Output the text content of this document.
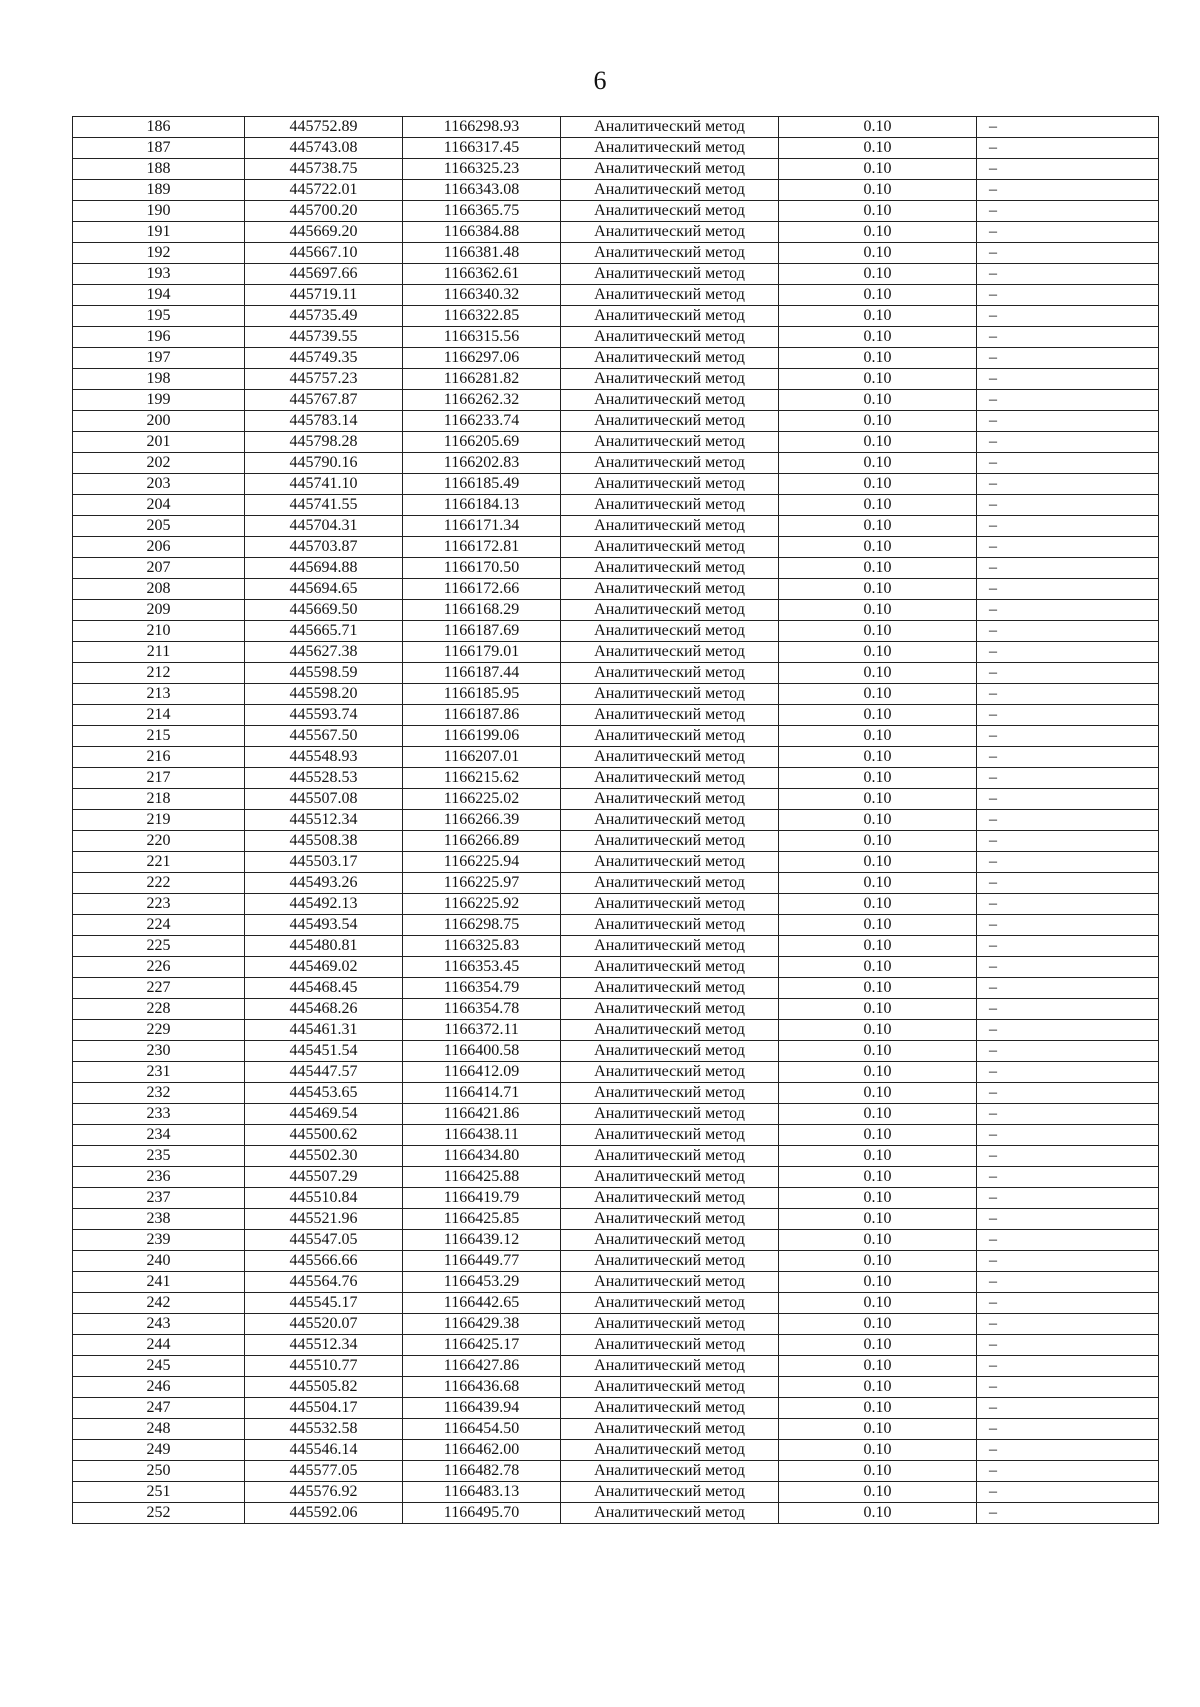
6
186	445752.89	1166298.93	Аналитический метод	0.10	–
187	445743.08	1166317.45	Аналитический метод	0.10	–
188	445738.75	1166325.23	Аналитический метод	0.10	–
189	445722.01	1166343.08	Аналитический метод	0.10	–
190	445700.20	1166365.75	Аналитический метод	0.10	–
191	445669.20	1166384.88	Аналитический метод	0.10	–
192	445667.10	1166381.48	Аналитический метод	0.10	–
193	445697.66	1166362.61	Аналитический метод	0.10	–
194	445719.11	1166340.32	Аналитический метод	0.10	–
195	445735.49	1166322.85	Аналитический метод	0.10	–
196	445739.55	1166315.56	Аналитический метод	0.10	–
197	445749.35	1166297.06	Аналитический метод	0.10	–
198	445757.23	1166281.82	Аналитический метод	0.10	–
199	445767.87	1166262.32	Аналитический метод	0.10	–
200	445783.14	1166233.74	Аналитический метод	0.10	–
201	445798.28	1166205.69	Аналитический метод	0.10	–
202	445790.16	1166202.83	Аналитический метод	0.10	–
203	445741.10	1166185.49	Аналитический метод	0.10	–
204	445741.55	1166184.13	Аналитический метод	0.10	–
205	445704.31	1166171.34	Аналитический метод	0.10	–
206	445703.87	1166172.81	Аналитический метод	0.10	–
207	445694.88	1166170.50	Аналитический метод	0.10	–
208	445694.65	1166172.66	Аналитический метод	0.10	–
209	445669.50	1166168.29	Аналитический метод	0.10	–
210	445665.71	1166187.69	Аналитический метод	0.10	–
211	445627.38	1166179.01	Аналитический метод	0.10	–
212	445598.59	1166187.44	Аналитический метод	0.10	–
213	445598.20	1166185.95	Аналитический метод	0.10	–
214	445593.74	1166187.86	Аналитический метод	0.10	–
215	445567.50	1166199.06	Аналитический метод	0.10	–
216	445548.93	1166207.01	Аналитический метод	0.10	–
217	445528.53	1166215.62	Аналитический метод	0.10	–
218	445507.08	1166225.02	Аналитический метод	0.10	–
219	445512.34	1166266.39	Аналитический метод	0.10	–
220	445508.38	1166266.89	Аналитический метод	0.10	–
221	445503.17	1166225.94	Аналитический метод	0.10	–
222	445493.26	1166225.97	Аналитический метод	0.10	–
223	445492.13	1166225.92	Аналитический метод	0.10	–
224	445493.54	1166298.75	Аналитический метод	0.10	–
225	445480.81	1166325.83	Аналитический метод	0.10	–
226	445469.02	1166353.45	Аналитический метод	0.10	–
227	445468.45	1166354.79	Аналитический метод	0.10	–
228	445468.26	1166354.78	Аналитический метод	0.10	–
229	445461.31	1166372.11	Аналитический метод	0.10	–
230	445451.54	1166400.58	Аналитический метод	0.10	–
231	445447.57	1166412.09	Аналитический метод	0.10	–
232	445453.65	1166414.71	Аналитический метод	0.10	–
233	445469.54	1166421.86	Аналитический метод	0.10	–
234	445500.62	1166438.11	Аналитический метод	0.10	–
235	445502.30	1166434.80	Аналитический метод	0.10	–
236	445507.29	1166425.88	Аналитический метод	0.10	–
237	445510.84	1166419.79	Аналитический метод	0.10	–
238	445521.96	1166425.85	Аналитический метод	0.10	–
239	445547.05	1166439.12	Аналитический метод	0.10	–
240	445566.66	1166449.77	Аналитический метод	0.10	–
241	445564.76	1166453.29	Аналитический метод	0.10	–
242	445545.17	1166442.65	Аналитический метод	0.10	–
243	445520.07	1166429.38	Аналитический метод	0.10	–
244	445512.34	1166425.17	Аналитический метод	0.10	–
245	445510.77	1166427.86	Аналитический метод	0.10	–
246	445505.82	1166436.68	Аналитический метод	0.10	–
247	445504.17	1166439.94	Аналитический метод	0.10	–
248	445532.58	1166454.50	Аналитический метод	0.10	–
249	445546.14	1166462.00	Аналитический метод	0.10	–
250	445577.05	1166482.78	Аналитический метод	0.10	–
251	445576.92	1166483.13	Аналитический метод	0.10	–
252	445592.06	1166495.70	Аналитический метод	0.10	–
